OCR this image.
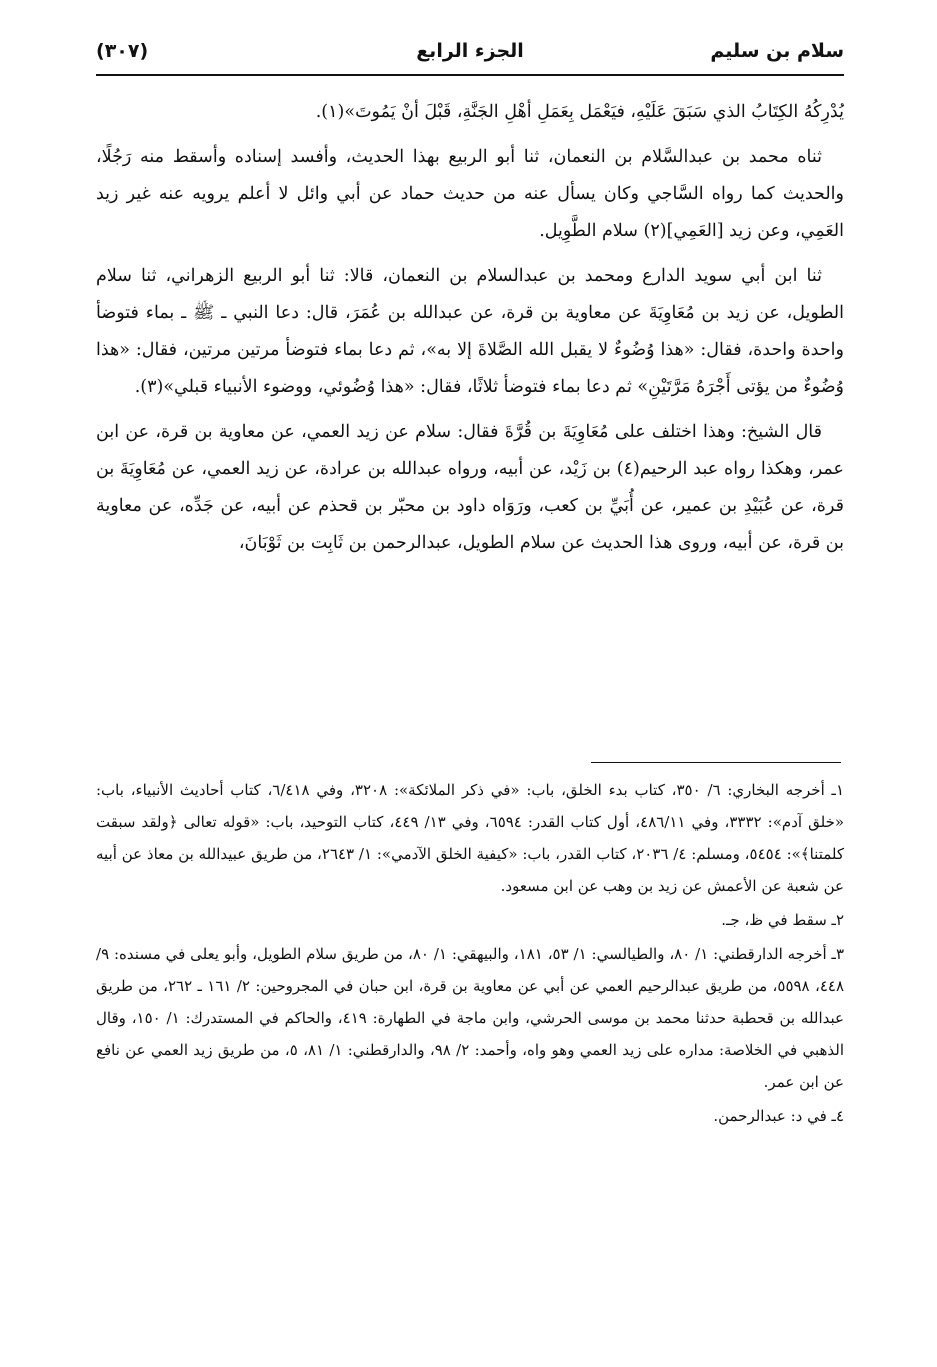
سلام بن سليم
الجزء الرابع
(٣٠٧)

يُدْرِكُهُ الكِتَابُ الذي سَبَقَ عَلَيْهِ، فيَعْمَل بِعَمَلِ أهْلِ الجَنَّةِ، قَبْلَ أنْ يَمُوتَ»(١).

ثناه محمد بن عبدالسَّلام بن النعمان، ثنا أبو الربيع بهذا الحديث، وأفسد إسناده وأسقط منه رَجُلًا، والحديث كما رواه السَّاجي وكان يسأل عنه من حديث حماد عن أبي وائل لا أعلم يرويه عنه غير زيد العَمِي، وعن زيد [العَمِي](٢) سلام الطَّوِيل.

ثنا ابن أبي سويد الدارع ومحمد بن عبدالسلام بن النعمان، قالا: ثنا أبو الربيع الزهراني، ثنا سلام الطويل، عن زيد بن مُعَاوِيَةَ عن معاوية بن قرة، عن عبدالله بن عُمَرَ، قال: دعا النبي ـ ﷺ ـ بماء فتوضأ واحدة واحدة، فقال: «هذا وُضُوءٌ لا يقبل الله الصَّلاةَ إلا به»، ثم دعا بماء فتوضأ مرتين مرتين، فقال: «هذا وُضُوءٌ من يؤتى أَجْرَهُ مَرَّتَيْنِ» ثم دعا بماء فتوضأ ثلاثًا، فقال: «هذا وُضُوئي، ووضوء الأنبياء قبلي»(٣).

قال الشيخ: وهذا اختلف على مُعَاوِيَةَ بن قُرَّةَ فقال: سلام عن زيد العمي، عن معاوية بن قرة، عن ابن عمر، وهكذا رواه عبد الرحيم(٤) بن زَيْد، عن أبيه، ورواه عبدالله بن عرادة، عن زيد العمي، عن مُعَاوِيَةَ بن قرة، عن عُبَيْدِ بن عمير، عن أُبَيِّ بن كعب، ورَوَاه داود بن محبّر بن قحذم عن أبيه، عن جَدِّه، عن معاوية بن قرة، عن أبيه، وروى هذا الحديث عن سلام الطويل، عبدالرحمن بن ثَابِت بن ثَوْبَانَ،

١ـ أخرجه البخاري: ٦/ ٣٥٠، كتاب بدء الخلق، باب: «في ذكر الملائكة»: ٣٢٠٨، وفي ٦/٤١٨، كتاب أحاديث الأنبياء، باب: «خلق آدم»: ٣٣٣٢، وفي ٤٨٦/١١، أول كتاب القدر: ٦٥٩٤، وفي ١٣/ ٤٤٩، كتاب التوحيد، باب: «قوله تعالى ﴿ولقد سبقت كلمتنا﴾»: ٥٤٥٤، ومسلم: ٤/ ٢٠٣٦، كتاب القدر، باب: «كيفية الخلق الآدمي»: ١/ ٢٦٤٣، من طريق عبيدالله بن معاذ عن أبيه عن شعبة عن الأعمش عن زيد بن وهب عن ابن مسعود.
٢ـ سقط في ظ، جـ.
٣ـ أخرجه الدارقطني: ١/ ٨٠، والطيالسي: ١/ ٥٣، ١٨١، والبيهقي: ١/ ٨٠، من طريق سلام الطويل، وأبو يعلى في مسنده: ٩/ ٤٤٨، ٥٥٩٨، من طريق عبدالرحيم العمي عن أبي عن معاوية بن قرة، ابن حبان في المجروحين: ٢/ ١٦١ ـ ٢٦٢، من طريق عبدالله بن قحطبة حدثنا محمد بن موسى الحرشي، وابن ماجة في الطهارة: ٤١٩، والحاكم في المستدرك: ١/ ١٥٠، وقال الذهبي في الخلاصة: مداره على زيد العمي وهو واه، وأحمد: ٢/ ٩٨، والدارقطني: ١/ ٨١، ٥، من طريق زيد العمي عن نافع عن ابن عمر.
٤ـ في د: عبدالرحمن.
